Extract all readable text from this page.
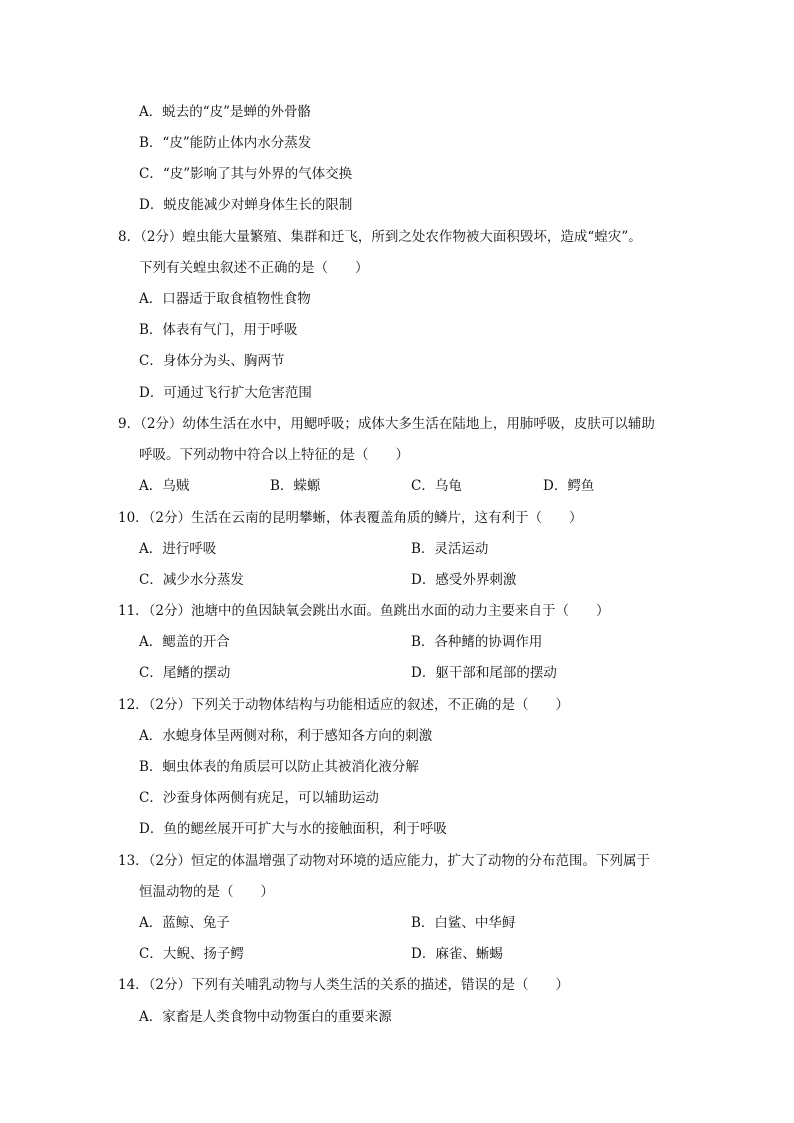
A．蜕去的“皮”是蝉的外骨骼
B．“皮”能防止体内水分蒸发
C．“皮”影响了其与外界的气体交换
D．蜕皮能减少对蝉身体生长的限制
8．（2分）蝗虫能大量繁殖、集群和迁飞，所到之处农作物被大面积毁坏，造成“蝗灾”。
下列有关蝗虫叙述不正确的是（　　）
A．口器适于取食植物性食物
B．体表有气门，用于呼吸
C．身体分为头、胸两节
D．可通过飞行扩大危害范围
9．（2分）幼体生活在水中，用鳃呼吸；成体大多生活在陆地上，用肺呼吸，皮肤可以辅助
呼吸。下列动物中符合以上特征的是（　　）
A．乌贼	B．蝾螈	C．乌龟	D．鳄鱼
10．（2分）生活在云南的昆明攀蜥，体表覆盖角质的鳞片，这有利于（　　）
A．进行呼吸	B．灵活运动
C．减少水分蒸发	D．感受外界刺激
11．（2分）池塘中的鱼因缺氧会跳出水面。鱼跳出水面的动力主要来自于（　　）
A．鳃盖的开合	B．各种鳍的协调作用
C．尾鳍的摆动	D．躯干部和尾部的摆动
12．（2分）下列关于动物体结构与功能相适应的叙述，不正确的是（　　）
A．水螅身体呈两侧对称，利于感知各方向的刺激
B．蛔虫体表的角质层可以防止其被消化液分解
C．沙蚕身体两侧有疣足，可以辅助运动
D．鱼的鳃丝展开可扩大与水的接触面积，利于呼吸
13．（2分）恒定的体温增强了动物对环境的适应能力，扩大了动物的分布范围。下列属于
恒温动物的是（　　）
A．蓝鲸、兔子	B．白鲨、中华鲟
C．大鲵、扬子鳄	D．麻雀、蜥蜴
14．（2分）下列有关哺乳动物与人类生活的关系的描述，错误的是（　　）
A．家畜是人类食物中动物蛋白的重要来源
